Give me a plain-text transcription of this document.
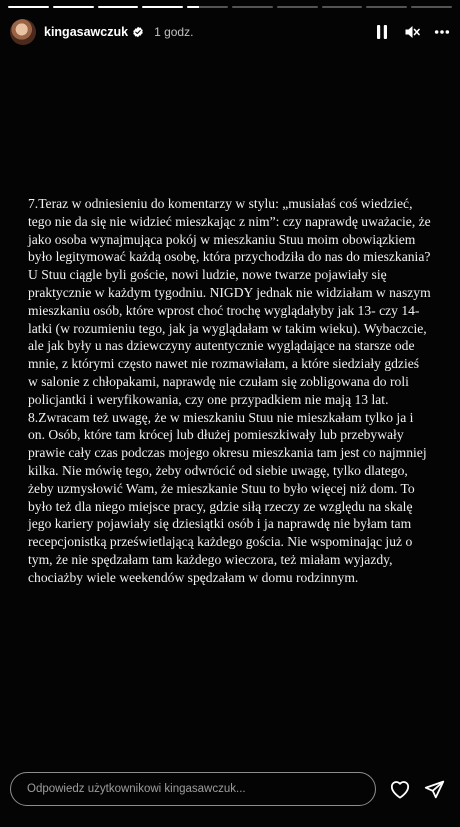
kingasawczuk 1 godz.
7.Teraz w odniesieniu do komentarzy w stylu: „musiałaś coś wiedzieć, tego nie da się nie widzieć mieszkając z nim”: czy naprawdę uważacie, że jako osoba wynajmująca pokój w mieszkaniu Stuu moim obowiązkiem było legitymować każdą osobę, która przychodziła do nas do mieszkania? U Stuu ciągle byli goście, nowi ludzie, nowe twarze pojawiały się praktycznie w każdym tygodniu. NIGDY jednak nie widziałam w naszym mieszkaniu osób, które wprost choć trochę wyglądałyby jak 13- czy 14-latki (w rozumieniu tego, jak ja wyglądałam w takim wieku). Wybaczcie, ale jak były u nas dziewczyny autentycznie wyglądające na starsze ode mnie, z którymi często nawet nie rozmawiałam, a które siedziały gdzieś w salonie z chłopakami, naprawdę nie czułam się zobligowana do roli policjantki i weryfikowania, czy one przypadkiem nie mają 13 lat.
8.Zwracam też uwagę, że w mieszkaniu Stuu nie mieszkałam tylko ja i on. Osób, które tam krócej lub dłużej pomieszkiwały lub przebywały prawie cały czas podczas mojego okresu mieszkania tam jest co najmniej kilka. Nie mówię tego, żeby odwrócić od siebie uwagę, tylko dlatego, żeby uzmysłowić Wam, że mieszkanie Stuu to było więcej niż dom. To było też dla niego miejsce pracy, gdzie siłą rzeczy ze względu na skalę jego kariery pojawiały się dziesiątki osób i ja naprawdę nie byłam tam recepcjonistką prześwietlającą każdego gościa. Nie wspominając już o tym, że nie spędzałam tam każdego wieczora, też miałam wyjazdy, chociażby wiele weekendów spędzałam w domu rodzinnym.
Odpowiedz użytkownikowi kingasawczuk...
